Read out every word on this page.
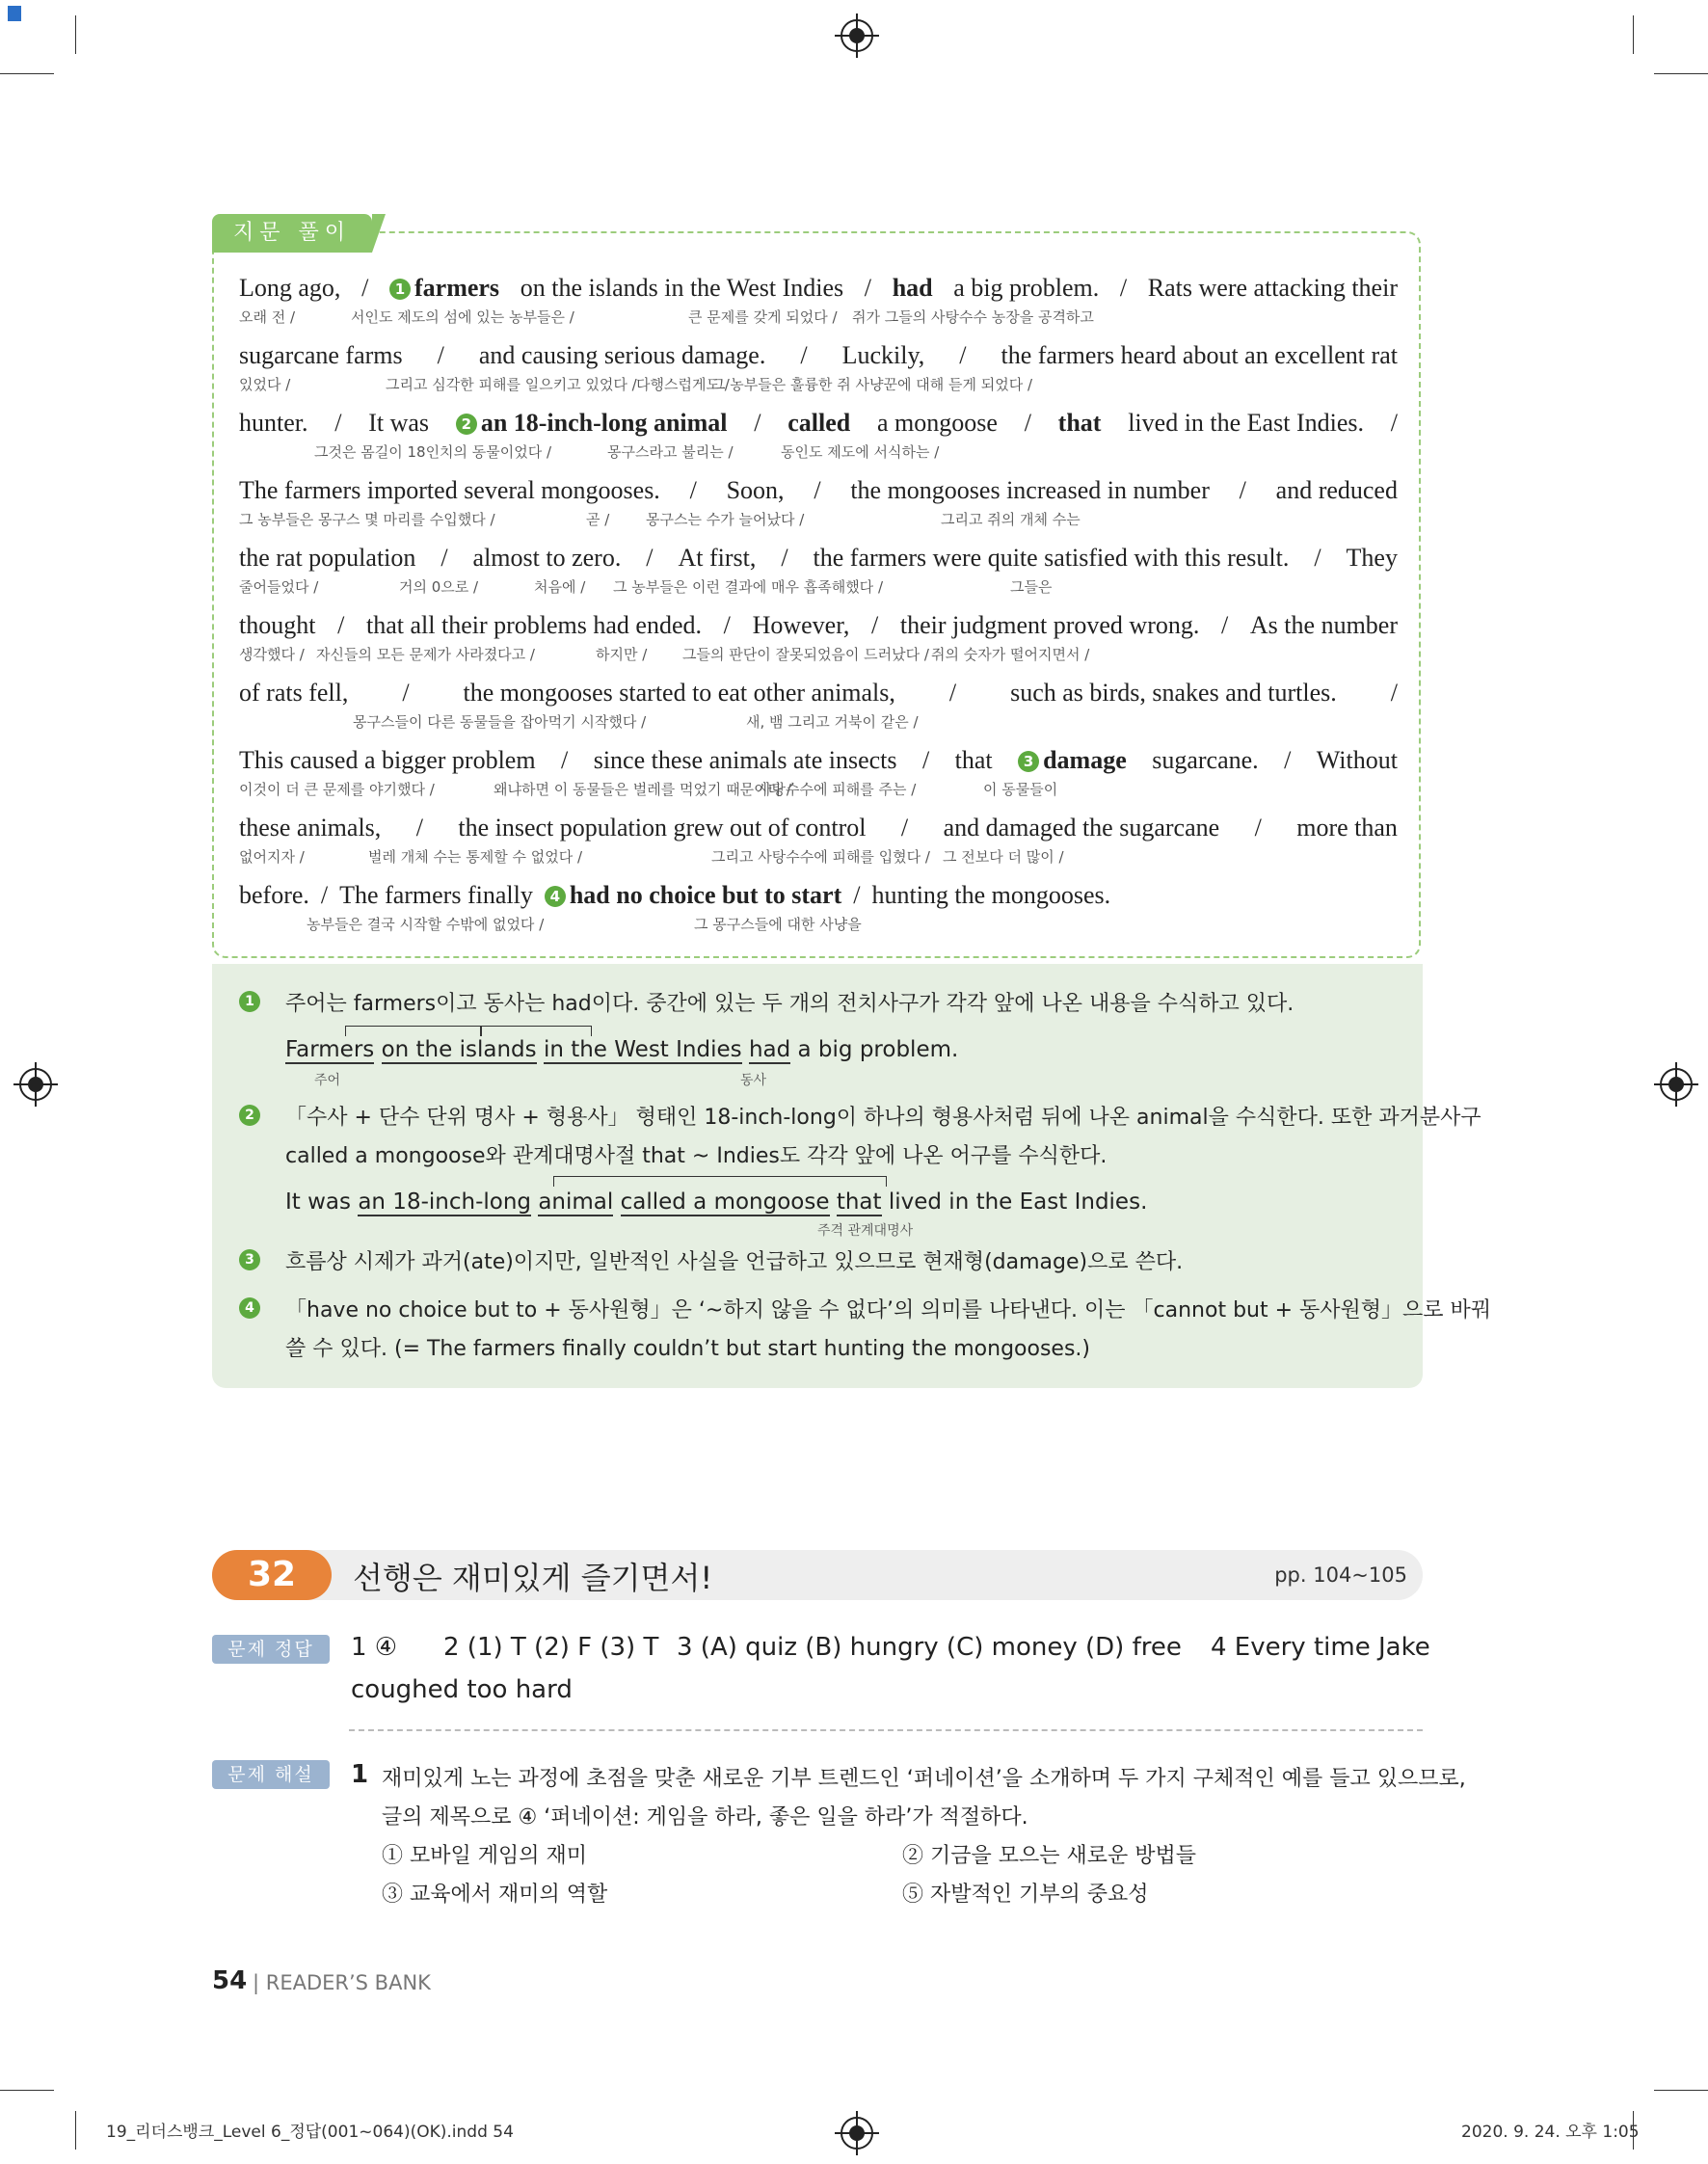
지문 풀이
Long ago, /	1 farmers on the islands in the West Indies / had a big problem. / Rats were attacking their
오래 전 /	서인도 제도의 섬에 있는 농부들은 /	큰 문제를 갖게 되었다 / 쥐가 그들의 사탕수수 농장을 공격하고
sugarcane farms / and causing serious damage. / Luckily, / the farmers heard about an excellent rat
있었다 /	그리고 심각한 피해를 일으키고 있었다 / 다행스럽게도 /
그 농부들은 훌륭한 쥐 사냥꾼에 대해 듣게 되었다 /
hunter. / It was	2 an 18-inch-long animal / called a mongoose / that lived in the East Indies. /
그것은 몸길이 18인치의 동물이었다 /	몽구스라고 불리는 /	동인도 제도에 서식하는 /
The farmers imported several mongooses. / Soon, / the mongooses increased in number / and reduced
그 농부들은 몽구스 몇 마리를 수입했다 /	곧 /	몽구스는 수가 늘어났다 /	그리고 쥐의 개체 수는
the rat population / almost to zero. / At first, / the farmers were quite satisfied with this result. / They
줄어들었다 /	거의 0으로 /	처음에 / 그 농부들은 이런 결과에 매우 흡족해했다 /	그들은
thought / that all their problems had ended. / However, / their judgment proved wrong. / As the number
생각했다 / 자신들의 모든 문제가 사라졌다고 /	하지만 / 그들의 판단이 잘못되었음이 드러났다 / 쥐의 숫자가 떨어지면서 /
of rats fell, / the mongooses started to eat other animals, / such as birds, snakes and turtles. /
몽구스들이 다른 동물들을 잡아먹기 시작했다 /	새, 뱀 그리고 거북이 같은 /
This caused a bigger problem / since these animals ate insects / that	3 damage sugarcane. / Without
이것이 더 큰 문제를 야기했다 /	왜냐하면 이 동물들은 벌레를 먹었기 때문이다 /
사탕수수에 피해를 주는 /	이 동물들이
these animals, / the insect population grew out of control / and damaged the sugarcane / more than
없어지자 /	벌레 개체 수는 통제할 수 없었다 /	그리고 사탕수수에 피해를 입혔다 / 그 전보다 더 많이 /
before. / The farmers finally	4 had no choice but to start / hunting the mongooses.
농부들은 결국 시작할 수밖에 없었다 /	그 몽구스들에 대한 사냥을
1 주어는 farmers이고 동사는 had이다. 중간에 있는 두 개의 전치사구가 각각 앞에 나온 내용을 수식하고 있다.
Farmers on the islands in the West Indies had a big problem.
주어	동사
2 「수사 + 단수 단위 명사 + 형용사」 형태인 18-inch-long이 하나의 형용사처럼 뒤에 나온 animal을 수식한다. 또한 과거분사구
called a mongoose와 관계대명사절 that ~ Indies도 각각 앞에 나온 어구를 수식한다.
It was an 18-inch-long animal called a mongoose that lived in the East Indies.
주격 관계대명사
3 흐름상 시제가 과거(ate)이지만, 일반적인 사실을 언급하고 있으므로 현재형(damage)으로 쓴다.
4 「have no choice but to + 동사원형」은 ‘~하지 않을 수 없다’의 의미를 나타낸다. 이는 「cannot but + 동사원형」으로 바꿔
쓸 수 있다. (= The farmers finally couldn’t but start hunting the mongooses.)
32	선행은 재미있게 즐기면서!	pp. 104~105
문제 정답	1 ④ 2 (1) T (2) F (3) T 3 (A) quiz (B) hungry (C) money (D) free 4 Every time Jake
coughed too hard
문제 해설	1 재미있게 노는 과정에 초점을 맞춘 새로운 기부 트렌드인 ‘퍼네이션’을 소개하며 두 가지 구체적인 예를 들고 있으므로,
글의 제목으로 ④ ‘퍼네이션: 게임을 하라, 좋은 일을 하라’가 적절하다.
① 모바일 게임의 재미	② 기금을 모으는 새로운 방법들
③ 교육에서 재미의 역할	⑤ 자발적인 기부의 중요성
54 | READER’S BANK
19_리더스뱅크_Level 6_정답(001~064)(OK).indd 54	2020. 9. 24. 오후 1:05
